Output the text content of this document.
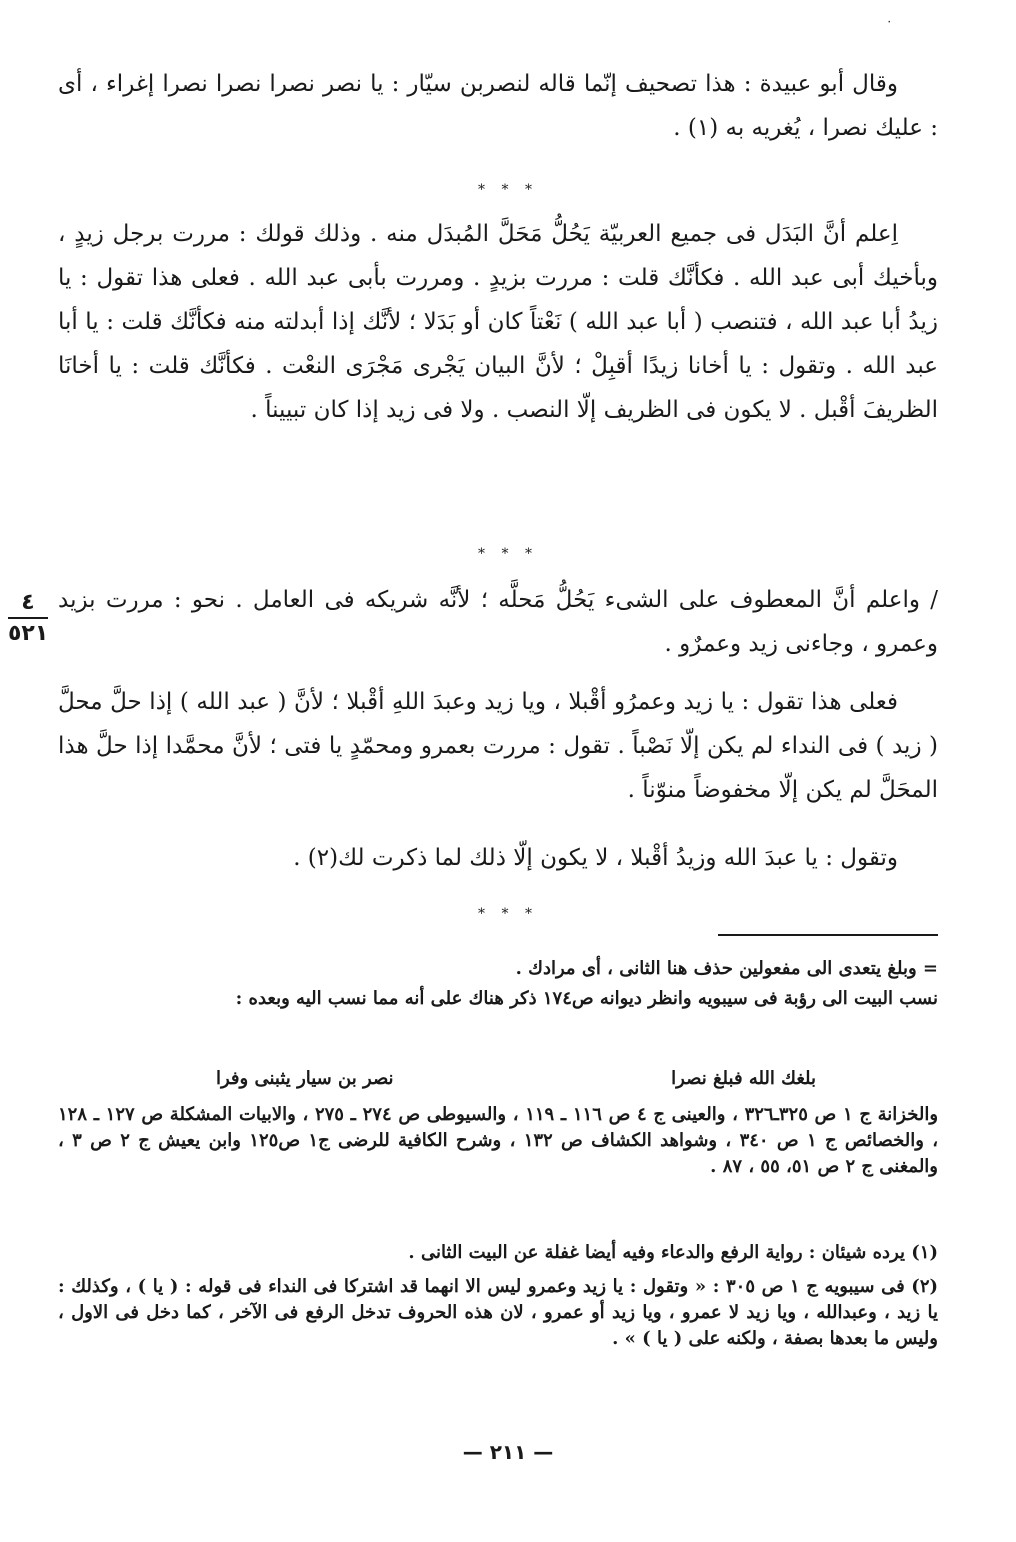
٠

وقال أبو عبيدة : هذا تصحيف إنّما قاله لنصربن سيّار : يا نصر نصرا نصرا نصرا إغراء ، أى : عليك نصرا ، يُغريه به (١) .

* * *

اِعلم أنَّ البَدَل فى جميع العربيّة يَحُلُّ مَحَلَّ المُبدَل منه . وذلك قولك : مررت برجل زيدٍ ، وبأخيك أبى عبد الله . فكأنَّك قلت : مررت بزيدٍ . ومررت بأبى عبد الله . فعلى هذا تقول : يا زيدُ أبا عبد الله ، فتنصب ( أبا عبد الله ) نَعْتاً كان أو بَدَلا ؛ لأنَّك إذا أبدلته منه فكأنَّك قلت : يا أبا عبد الله . وتقول : يا أخانا زيدًا أقبِلْ ؛ لأنَّ البيان يَجْرى مَجْرَى النعْت . فكأنَّك قلت : يا أخانَا الظريفَ أقْبل . لا يكون فى الظريف إلّا النصب . ولا فى زيد إذا كان تبييناً .

* * *
٤
٥٢١

/ واعلم أنَّ المعطوف على الشىء يَحُلُّ مَحلَّه ؛ لأنَّه شريكه فى العامل . نحو : مررت بزيد وعمرو ، وجاءنى زيد وعمرٌو .

فعلى هذا تقول : يا زيد وعمرُو أقْبلا ، ويا زيد وعبدَ اللهِ أقْبلا ؛ لأنَّ ( عبد الله ) إذا حلَّ محلَّ ( زيد ) فى النداء لم يكن إلّا نَصْباً . تقول : مررت بعمرو ومحمّدٍ يا فتى ؛ لأنَّ محمَّدا إذا حلَّ هذا المحَلَّ لم يكن إلّا مخفوضاً منوّناً .

وتقول : يا عبدَ الله وزيدُ أقْبلا ، لا يكون إلّا ذلك لما ذكرت لك(٢) .

* * *

= وبلغ يتعدى الى مفعولين حذف هنا الثانى ، أى مرادك .

نسب البيت الى رؤبة فى سيبويه وانظر ديوانه ص١٧٤ ذكر هناك على أنه مما نسب اليه وبعده :

بلغك الله فبلغ نصرا
نصر بن سيار يثبنى وفرا

والخزانة ج ١ ص ٣٢٥ـ٣٢٦ ، والعينى ج ٤ ص ١١٦ ـ ١١٩ ، والسيوطى ص ٢٧٤ ـ ٢٧٥ ، والابيات المشكلة ص ١٢٧ ـ ١٢٨ ، والخصائص ج ١ ص ٣٤٠ ، وشواهد الكشاف ص ١٣٢ ، وشرح الكافية للرضى ج١ ص١٢٥ وابن يعيش ج ٢ ص ٣ ، والمغنى ج ٢ ص ٥١، ٥٥ ، ٨٧ .

(١) يرده شيئان : رواية الرفع والدعاء وفيه أيضا غفلة عن البيت الثانى .

(٢) فى سيبويه ج ١ ص ٣٠٥ : « وتقول : يا زيد وعمرو ليس الا انهما قد اشتركا فى النداء فى قوله : ( يا ) ، وكذلك : يا زيد ، وعبدالله ، ويا زيد لا عمرو ، ويا زيد أو عمرو ، لان هذه الحروف تدخل الرفع فى الآخر ، كما دخل فى الاول ، وليس ما بعدها بصفة ، ولكنه على ( يا ) » .

— ٢١١ —
